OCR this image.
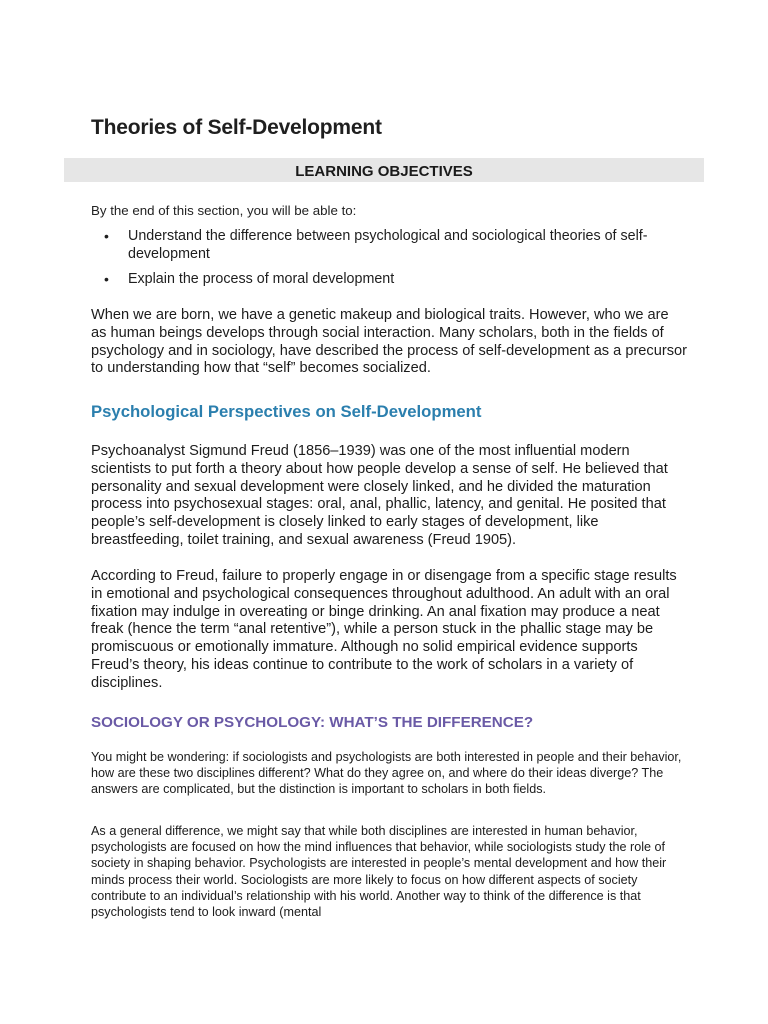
Theories of Self-Development
LEARNING OBJECTIVES
By the end of this section, you will be able to:
• Understand the difference between psychological and sociological theories of self-development
• Explain the process of moral development

When we are born, we have a genetic makeup and biological traits. However, who we are as human beings develops through social interaction. Many scholars, both in the fields of psychology and in sociology, have described the process of self-development as a precursor to understanding how that “self” becomes socialized.

Psychological Perspectives on Self-Development

Psychoanalyst Sigmund Freud (1856–1939) was one of the most influential modern scientists to put forth a theory about how people develop a sense of self. He believed that personality and sexual development were closely linked, and he divided the maturation process into psychosexual stages: oral, anal, phallic, latency, and genital. He posited that people’s self-development is closely linked to early stages of development, like breastfeeding, toilet training, and sexual awareness (Freud 1905).

According to Freud, failure to properly engage in or disengage from a specific stage results in emotional and psychological consequences throughout adulthood. An adult with an oral fixation may indulge in overeating or binge drinking. An anal fixation may produce a neat freak (hence the term “anal retentive”), while a person stuck in the phallic stage may be promiscuous or emotionally immature. Although no solid empirical evidence supports Freud’s theory, his ideas continue to contribute to the work of scholars in a variety of disciplines.

SOCIOLOGY OR PSYCHOLOGY: WHAT’S THE DIFFERENCE?

You might be wondering: if sociologists and psychologists are both interested in people and their behavior, how are these two disciplines different? What do they agree on, and where do their ideas diverge? The answers are complicated, but the distinction is important to scholars in both fields.

As a general difference, we might say that while both disciplines are interested in human behavior, psychologists are focused on how the mind influences that behavior, while sociologists study the role of society in shaping behavior. Psychologists are interested in people’s mental development and how their minds process their world. Sociologists are more likely to focus on how different aspects of society contribute to an individual’s relationship with his world. Another way to think of the difference is that psychologists tend to look inward (mental
